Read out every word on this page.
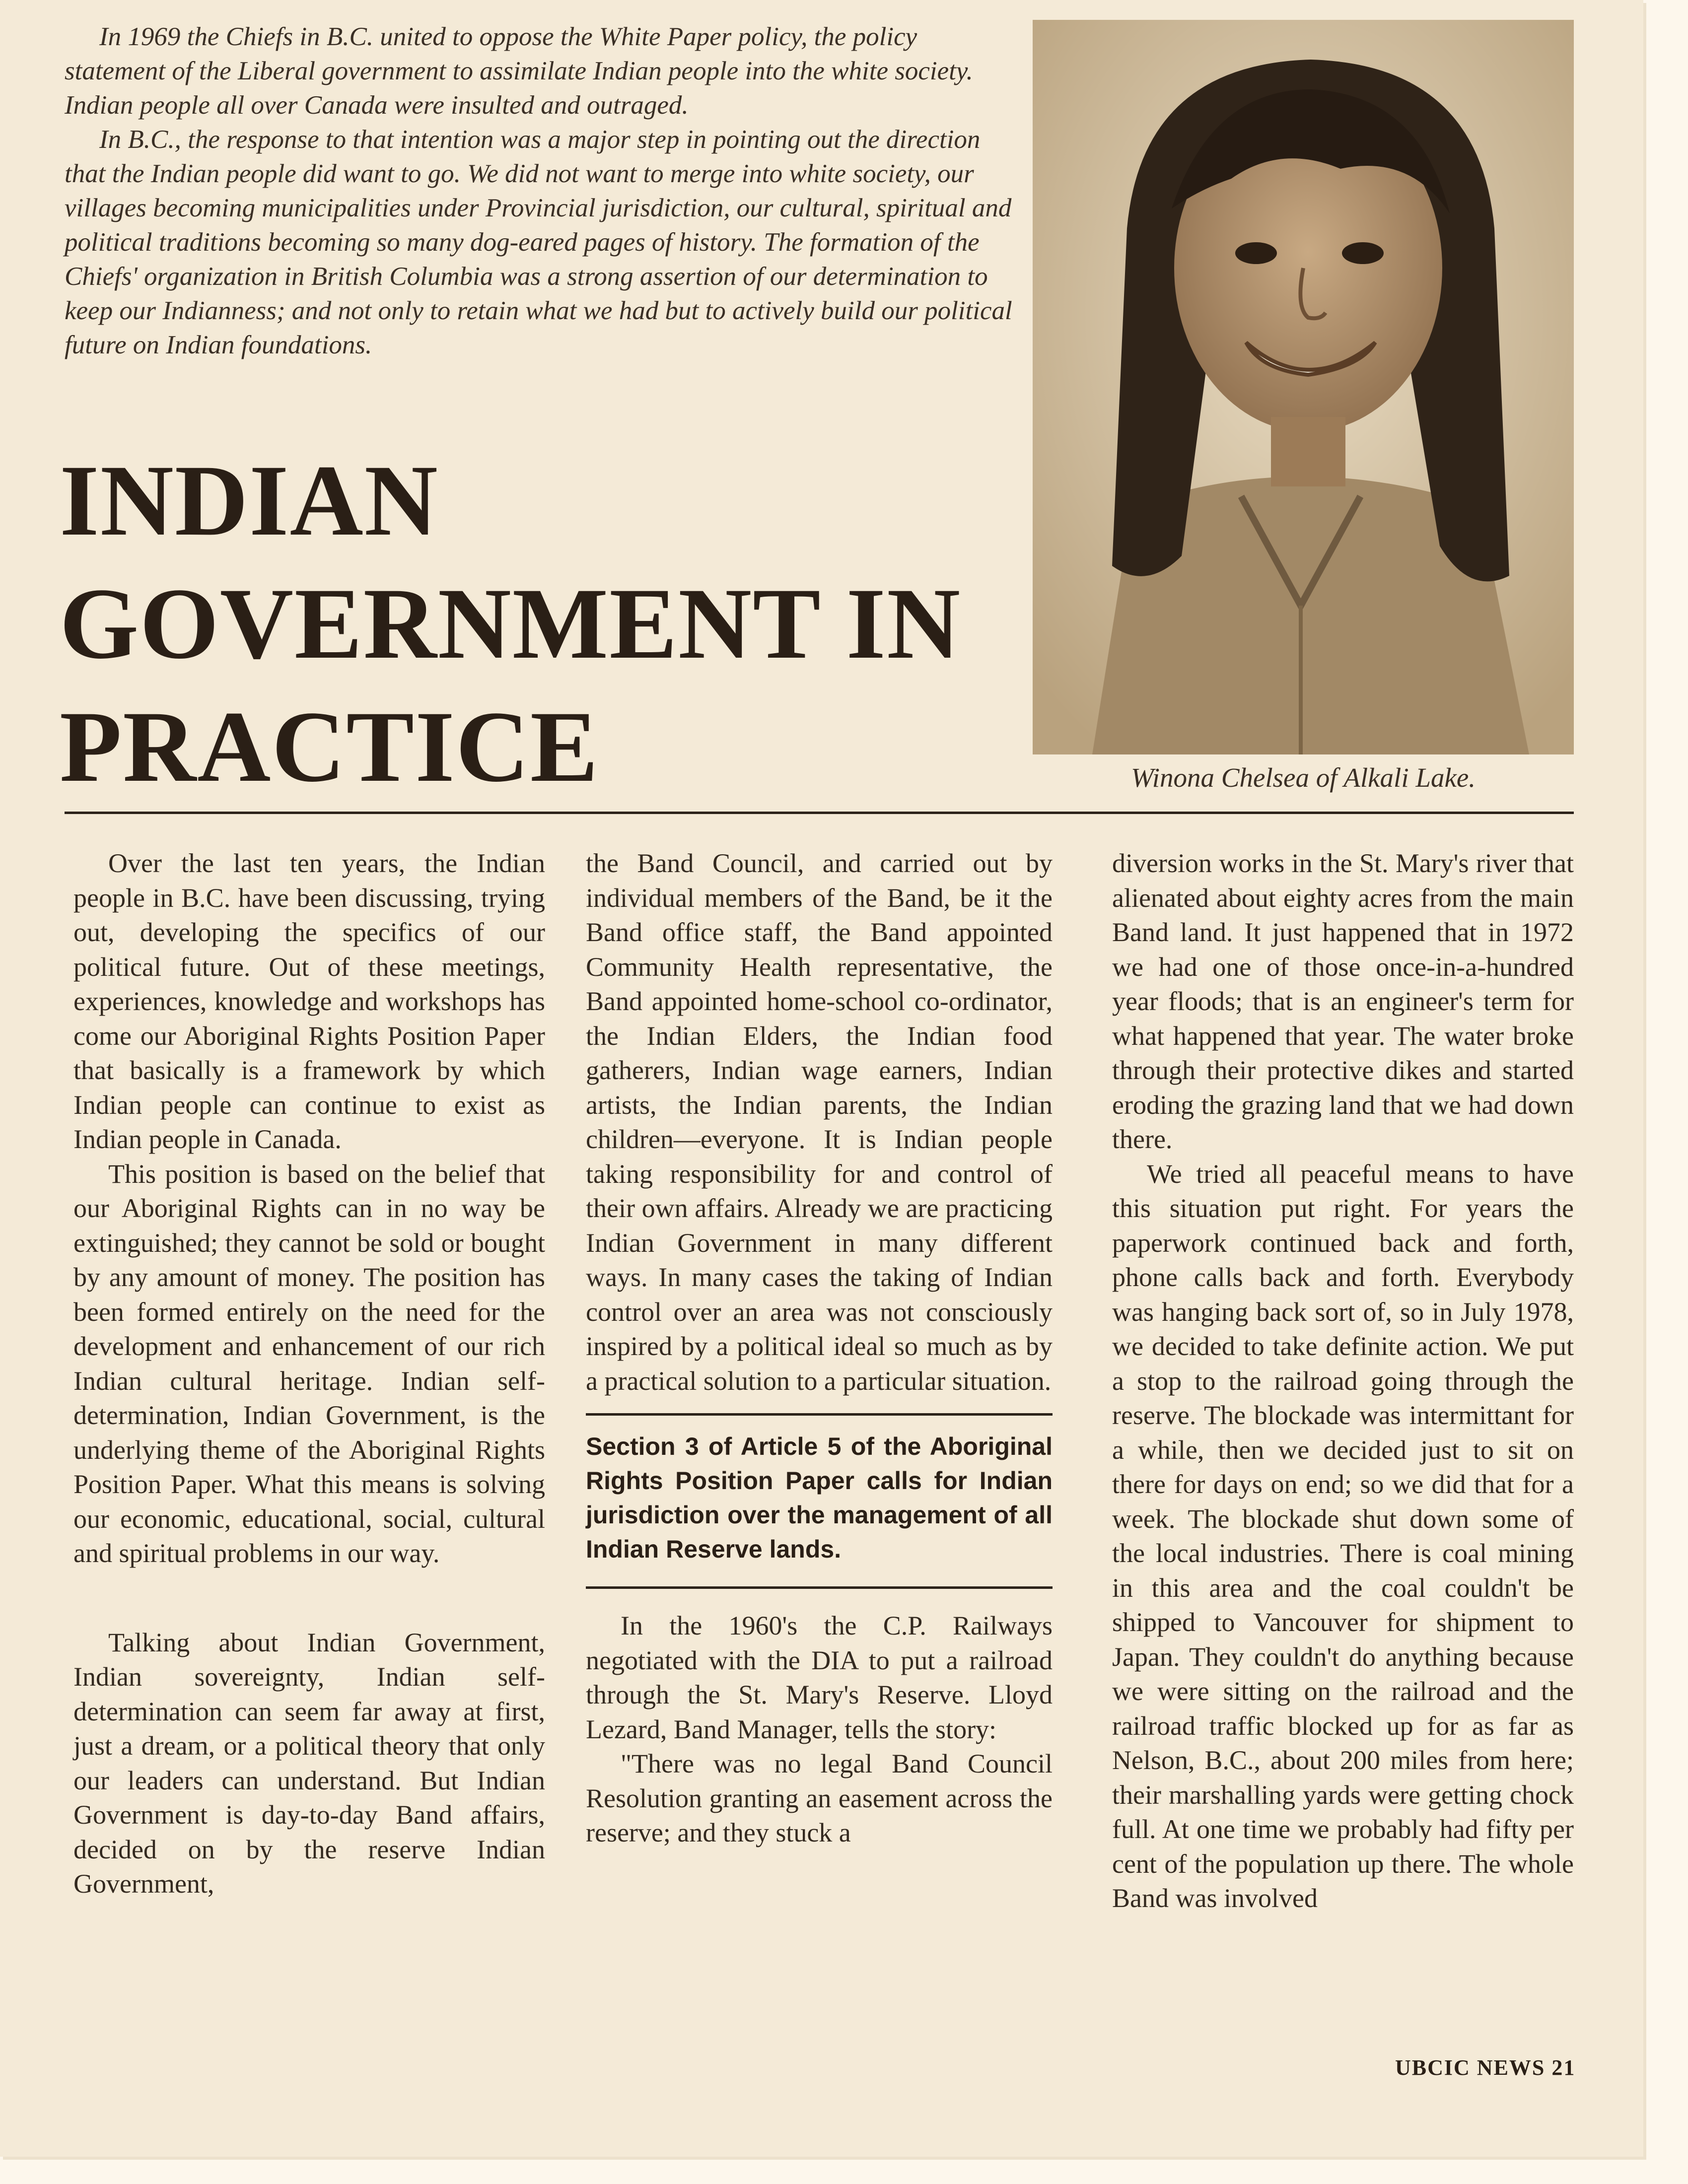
In 1969 the Chiefs in B.C. united to oppose the White Paper policy, the policy statement of the Liberal government to assimilate Indian people into the white society. Indian people all over Canada were insulted and outraged.

In B.C., the response to that intention was a major step in pointing out the direction that the Indian people did want to go. We did not want to merge into white society, our villages becoming municipalities under Provincial jurisdiction, our cultural, spiritual and political traditions becoming so many dog-eared pages of history. The formation of the Chiefs' organization in British Columbia was a strong assertion of our determination to keep our Indianness; and not only to retain what we had but to actively build our political future on Indian foundations.

INDIAN
GOVERNMENT IN
PRACTICE	Winona Chelsea of Alkali Lake.

Over the last ten years, the Indian people in B.C. have been discussing, trying out, developing the specifics of our political future. Out of these meetings, experiences, knowledge and workshops has come our Aboriginal Rights Position Paper that basically is a framework by which Indian people can continue to exist as Indian people in Canada.

This position is based on the belief that our Aboriginal Rights can in no way be extinguished; they cannot be sold or bought by any amount of money. The position has been formed entirely on the need for the development and enhancement of our rich Indian cultural heritage. Indian self-determination, Indian Government, is the underlying theme of the Aboriginal Rights Position Paper. What this means is solving our economic, educational, social, cultural and spiritual problems in our way.

Talking about Indian Government, Indian sovereignty, Indian self-determination can seem far away at first, just a dream, or a political theory that only our leaders can understand. But Indian Government is day-to-day Band affairs, decided on by the reserve Indian Government,

the Band Council, and carried out by individual members of the Band, be it the Band office staff, the Band appointed Community Health representative, the Band appointed home-school co-ordinator, the Indian Elders, the Indian food gatherers, Indian wage earners, Indian artists, the Indian parents, the Indian children—everyone. It is Indian people taking responsibility for and control of their own affairs. Already we are practicing Indian Government in many different ways. In many cases the taking of Indian control over an area was not consciously inspired by a political ideal so much as by a practical solution to a particular situation.

Section 3 of Article 5 of the Aboriginal Rights Position Paper calls for Indian jurisdiction over the management of all Indian Reserve lands.

In the 1960's the C.P. Railways negotiated with the DIA to put a railroad through the St. Mary's Reserve. Lloyd Lezard, Band Manager, tells the story:

"There was no legal Band Council Resolution granting an easement across the reserve; and they stuck a

diversion works in the St. Mary's river that alienated about eighty acres from the main Band land. It just happened that in 1972 we had one of those once-in-a-hundred year floods; that is an engineer's term for what happened that year. The water broke through their protective dikes and started eroding the grazing land that we had down there.

We tried all peaceful means to have this situation put right. For years the paperwork continued back and forth, phone calls back and forth. Everybody was hanging back sort of, so in July 1978, we decided to take definite action. We put a stop to the railroad going through the reserve. The blockade was intermittant for a while, then we decided just to sit on there for days on end; so we did that for a week. The blockade shut down some of the local industries. There is coal mining in this area and the coal couldn't be shipped to Vancouver for shipment to Japan. They couldn't do anything because we were sitting on the railroad and the railroad traffic blocked up for as far as Nelson, B.C., about 200 miles from here; their marshalling yards were getting chock full. At one time we probably had fifty per cent of the population up there. The whole Band was involved

UBCIC NEWS 21
